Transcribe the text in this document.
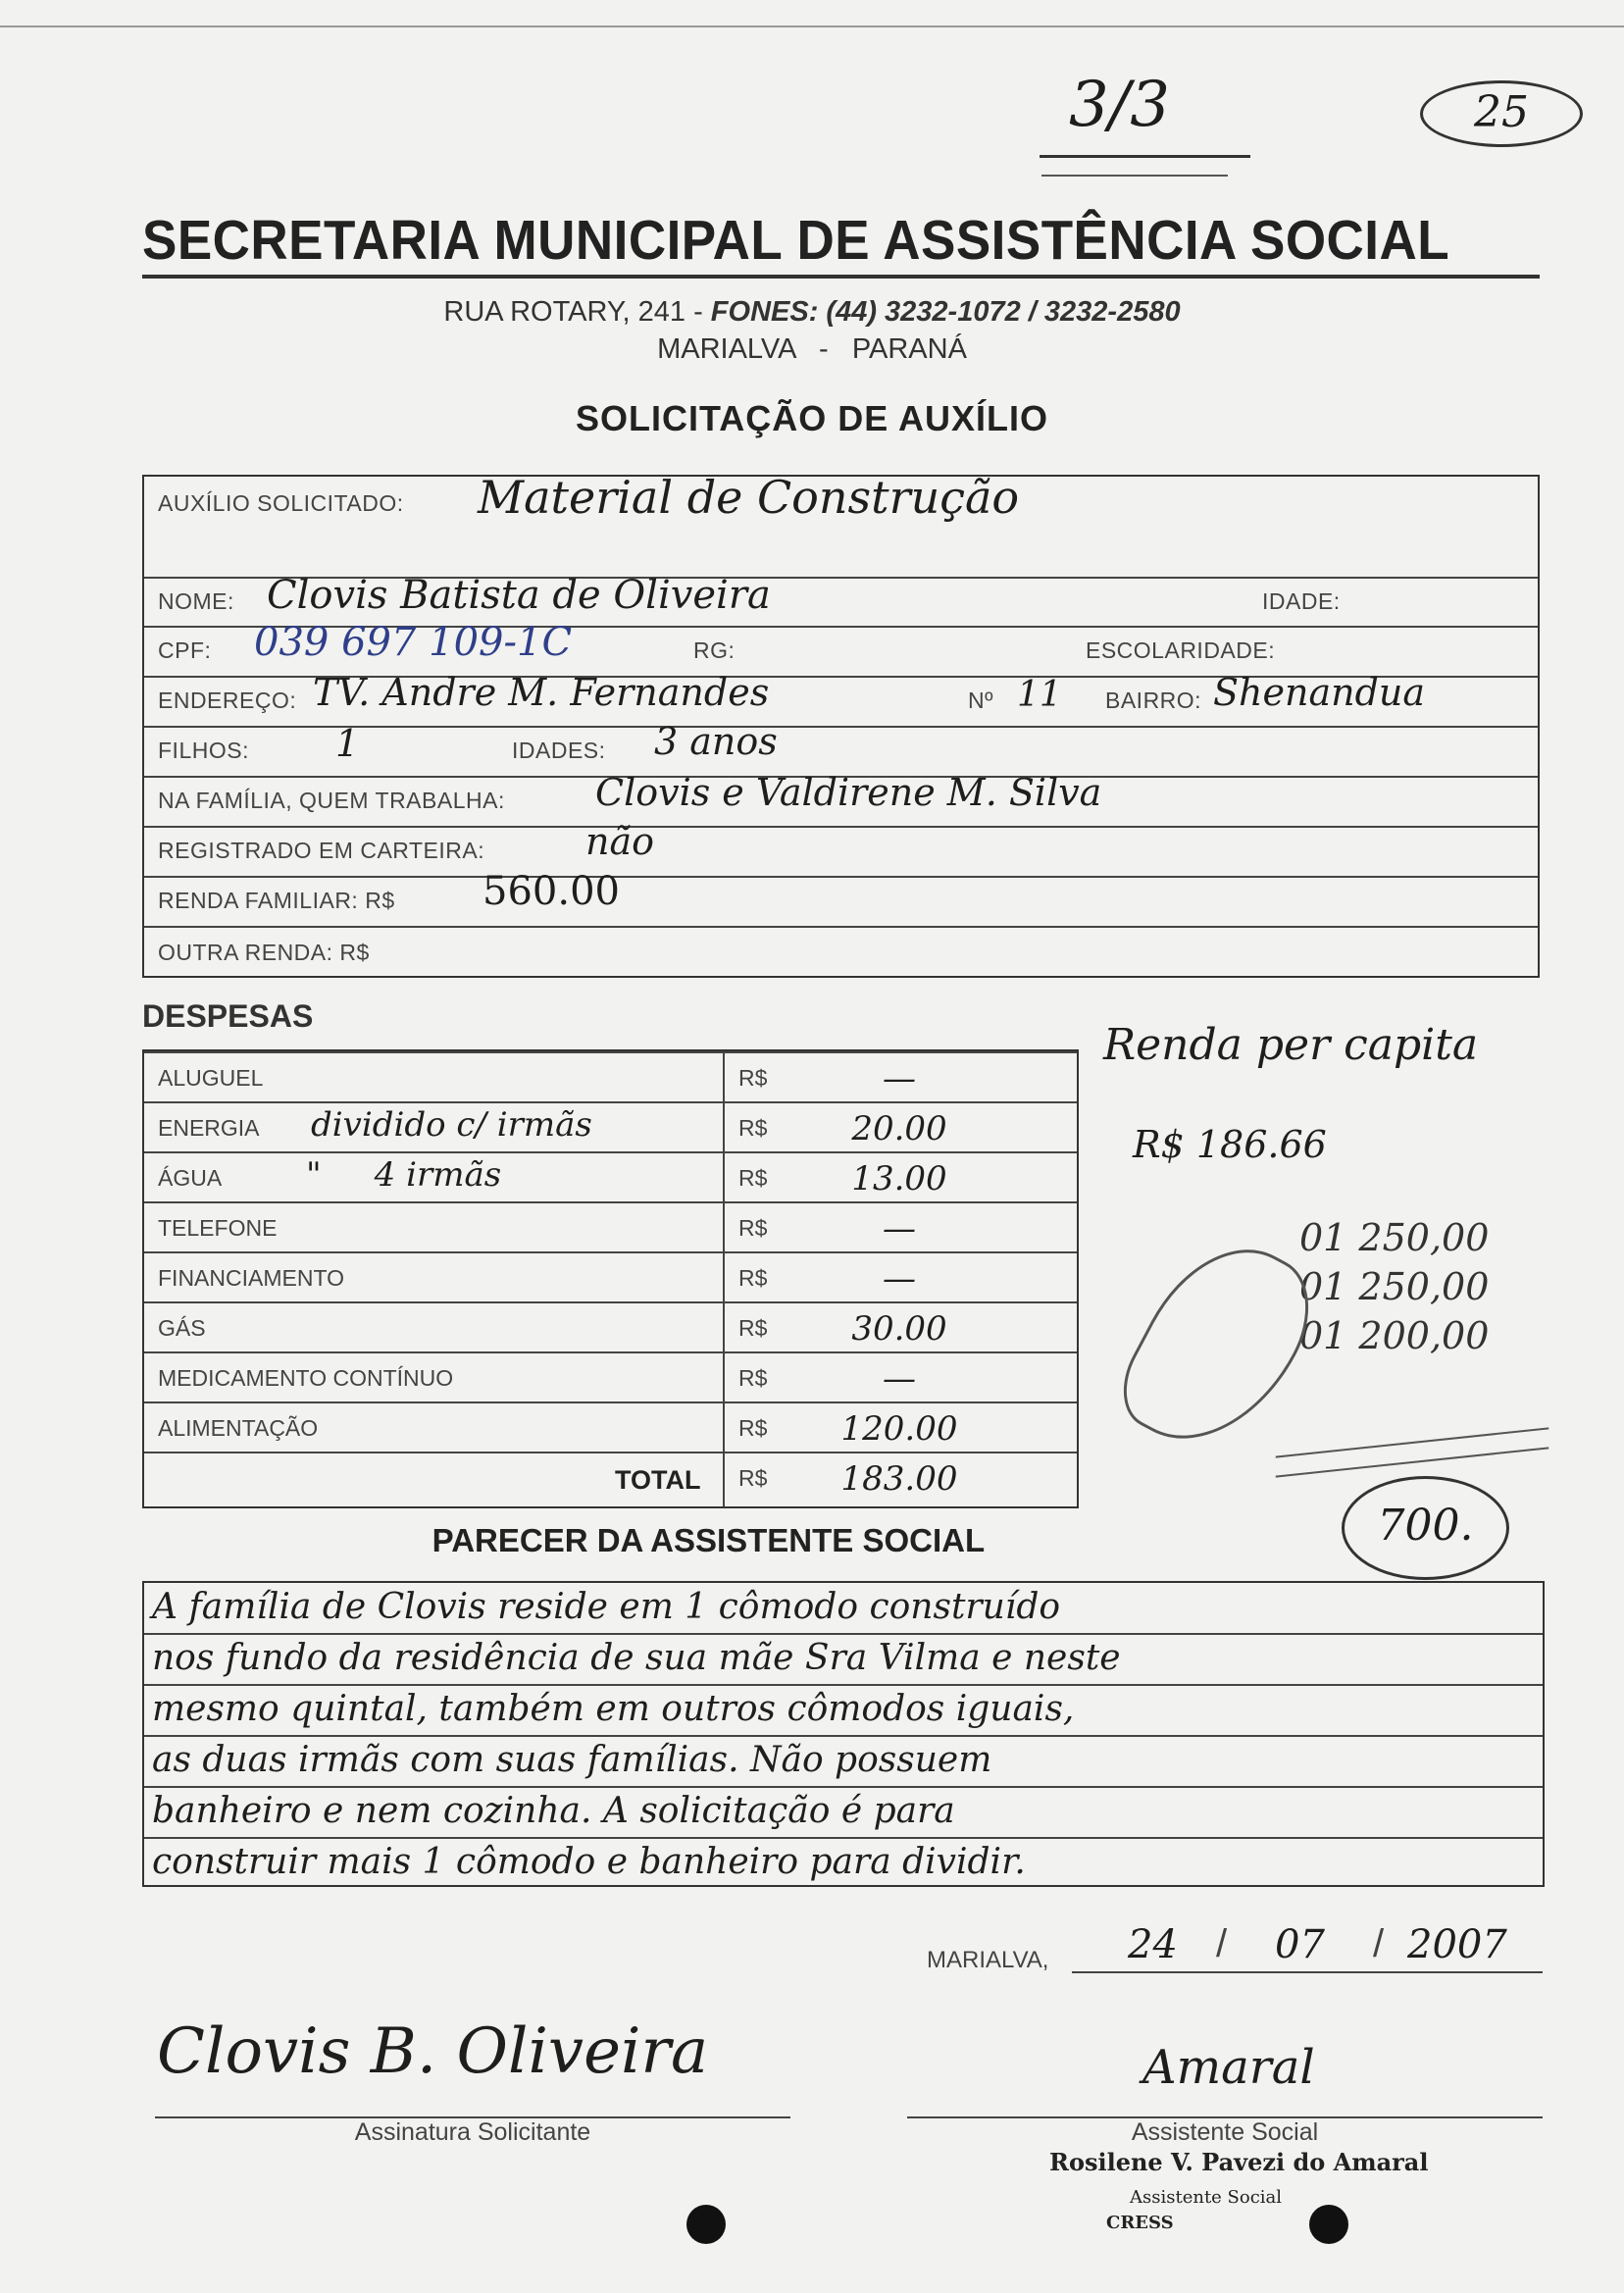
3/3	25
SECRETARIA MUNICIPAL DE ASSISTÊNCIA SOCIAL
RUA ROTARY, 241 - FONES: (44) 3232-1072 / 3232-2580
MARIALVA   -   PARANÁ
SOLICITAÇÃO DE AUXÍLIO
AUXÍLIO SOLICITADO: Material de Construção
NOME: Clovis Batista de Oliveira	IDADE:
CPF: 039 697 109-1C	RG:	ESCOLARIDADE:
ENDEREÇO: TV. Andre M. Fernandes	Nº 11 BAIRRO: Shenandua
FILHOS: 1	IDADES: 3 anos
NA FAMÍLIA, QUEM TRABALHA: Clovis e Valdirene M. Silva
REGISTRADO EM CARTEIRA:	não
RENDA FAMILIAR: R$ 560.00
OUTRA RENDA: R$
DESPESAS
ALUGUEL	R$	—
ENERGIA dividido c/ irmãs	R$	20.00
ÁGUA	"     4 irmãs	R$	13.00
TELEFONE	R$	—
FINANCIAMENTO	R$	—
GÁS	R$	30.00
MEDICAMENTO CONTÍNUO	R$	—
ALIMENTAÇÃO	R$	120.00
TOTAL R$	183.00
Renda per capita
R$ 186.66
01 250,00
01 250,00
01 200,00
700.
PARECER DA ASSISTENTE SOCIAL
A família de Clovis reside em 1 cômodo construído
nos fundo da residência de sua mãe Sra Vilma e neste
mesmo quintal, também em outros cômodos iguais,
as duas irmãs com suas famílias. Não possuem
banheiro e nem cozinha. A solicitação é para
construir mais 1 cômodo e banheiro para dividir.
MARIALVA, 24 / 07 / 2007
Clovis B. Oliveira	Amaral
Assinatura Solicitante	Assistente Social
Rosilene V. Pavezi do Amaral
Assistente Social
CRESS
